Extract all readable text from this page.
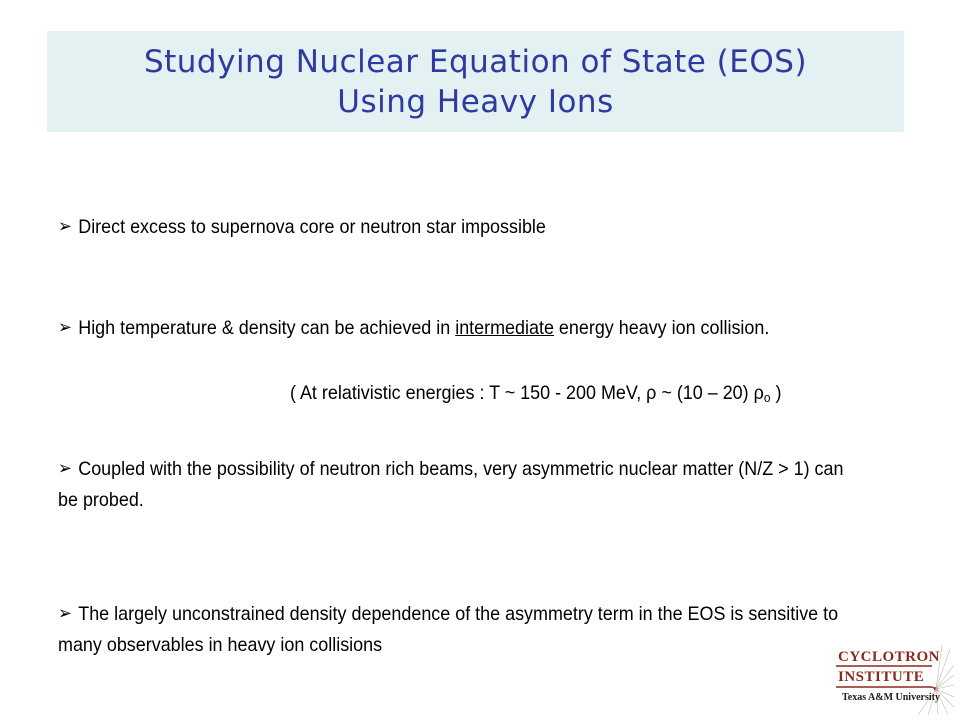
Studying Nuclear Equation of State (EOS)
Using Heavy Ions
➢ Direct excess to supernova core or neutron star impossible
➢ High temperature & density can be achieved in intermediate energy heavy ion collision.
( At relativistic energies : T ~ 150 - 200 MeV, ρ ~ (10 – 20) $\rho_o$ )
➢ Coupled with the possibility of neutron rich beams, very asymmetric nuclear matter (N/Z > 1) can be probed.
➢ The largely unconstrained density dependence of the asymmetry term in the EOS is sensitive to many observables in heavy ion collisions
CYCLOTRON
INSTITUTE
Texas A&M University
